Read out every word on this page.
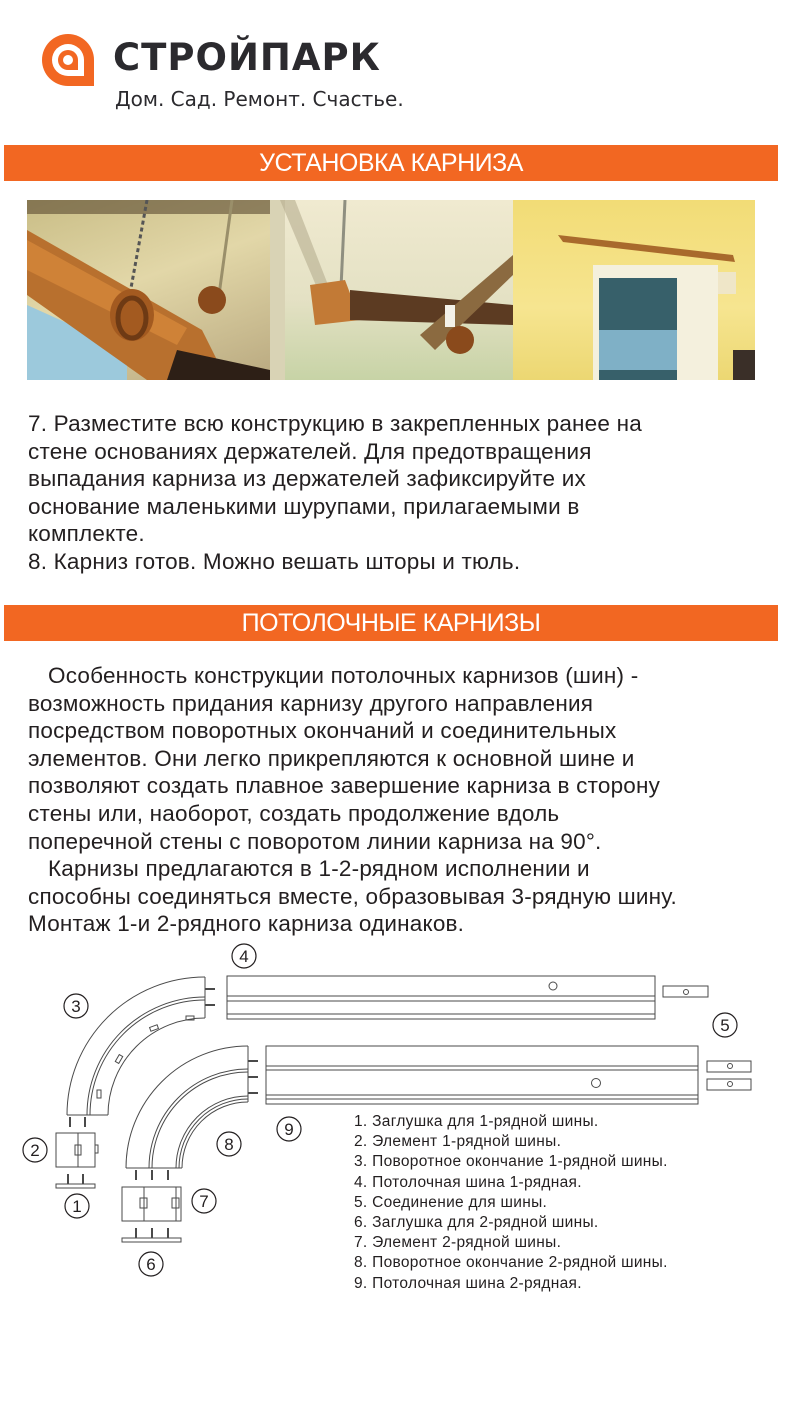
СТРОЙПАРК
Дом. Сад. Ремонт. Счастье.
УСТАНОВКА КАРНИЗА

7. Разместите всю конструкцию в закрепленных ранее на

стене основаниях держателей. Для предотвращения

выпадания карниза из держателей зафиксируйте их

основание маленькими шурупами, прилагаемыми в

комплекте.

8. Карниз готов. Можно вешать шторы и тюль.

ПОТОЛОЧНЫЕ КАРНИЗЫ

Особенность конструкции потолочных карнизов (шин) -

возможность придания карнизу другого направления

посредством поворотных окончаний и соединительных

элементов. Они легко прикрепляются к основной шине и

позволяют создать плавное завершение карниза в сторону

стены или, наоборот, создать продолжение вдоль

поперечной стены с поворотом линии карниза на 90°.

Карнизы предлагаются в 1-2-рядном исполнении и

способны соединяться вместе, образовывая 3-рядную шину.

Монтаж 1-и 2-рядного карниза одинаков.

4
3
5
9
8
2
1	7
6
1. Заглушка для 1-рядной шины.
2. Элемент 1-рядной шины.
3. Поворотное окончание 1-рядной шины.
4. Потолочная шина 1-рядная.
5. Соединение для шины.
6. Заглушка для 2-рядной шины.
7. Элемент 2-рядной шины.
8. Поворотное окончание 2-рядной шины.
9. Потолочная шина 2-рядная.
